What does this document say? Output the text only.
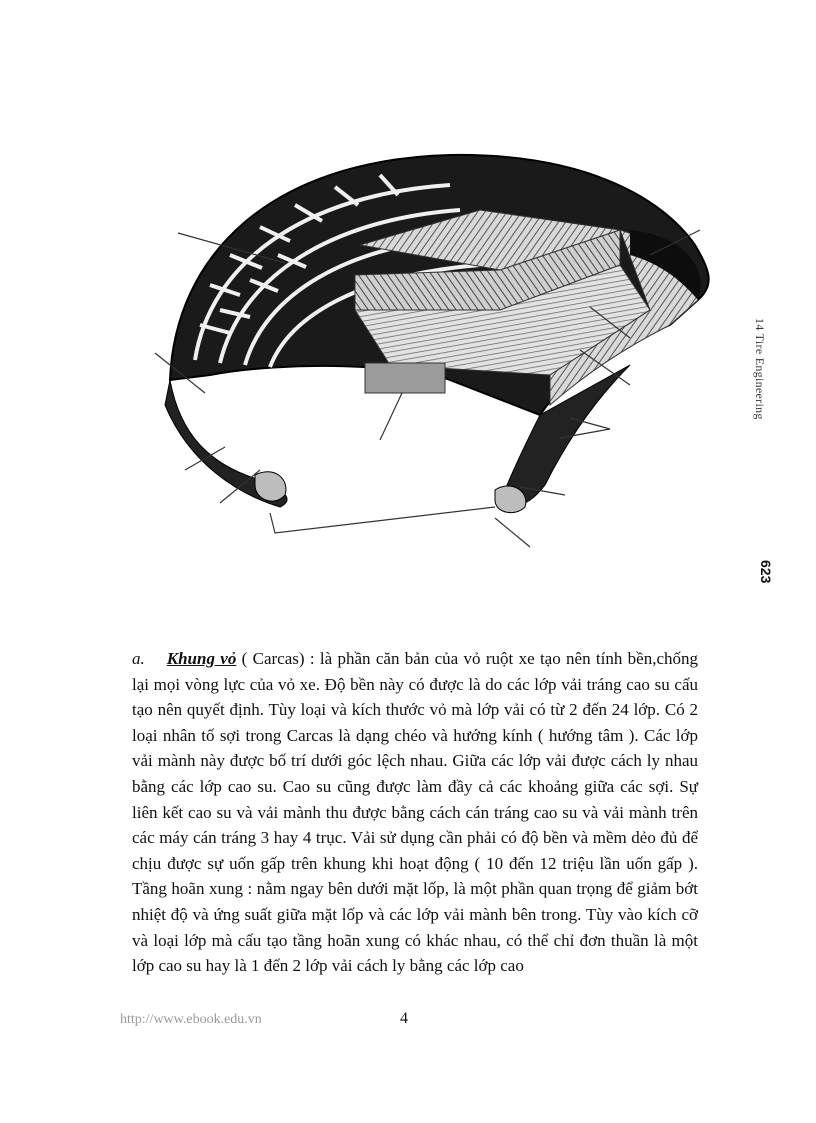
14 Tire Engineering
623

a. Khung vỏ ( Carcas) : là phần căn bản của vỏ ruột xe tạo nên tính bền,chống lại mọi vòng lực của vỏ xe. Độ bền này có được là do các lớp vải tráng cao su cấu tạo nên quyết định. Tùy loại và kích thước vỏ mà lớp vải có từ 2 đến 24 lớp. Có 2 loại nhân tố sợi trong Carcas là dạng chéo và hướng kính ( hướng tâm ). Các lớp vải mành này được bố trí dưới góc lệch nhau. Giữa các lớp vải được cách ly nhau bằng các lớp cao su. Cao su cũng được làm đầy cả các khoảng giữa các sợi. Sự liên kết cao su và vải mành thu được bằng cách cán tráng cao su và vải mành trên các máy cán tráng 3 hay 4 trục. Vải sử dụng cần phải có độ bền và mềm dẻo đủ để chịu được sự uốn gấp trên khung khi hoạt động ( 10 đến 12 triệu lần uốn gấp ). Tầng hoãn xung : nằm ngay bên dưới mặt lốp, là một phần quan trọng để giảm bớt nhiệt độ và ứng suất giữa mặt lốp và các lớp vải mành bên trong. Tùy vào kích cỡ và loại lớp mà cấu tạo tầng hoãn xung có khác nhau, có thể chỉ đơn thuần là một lớp cao su hay là 1 đến 2 lớp vải cách ly bằng các lớp cao

http://www.ebook.edu.vn	4
